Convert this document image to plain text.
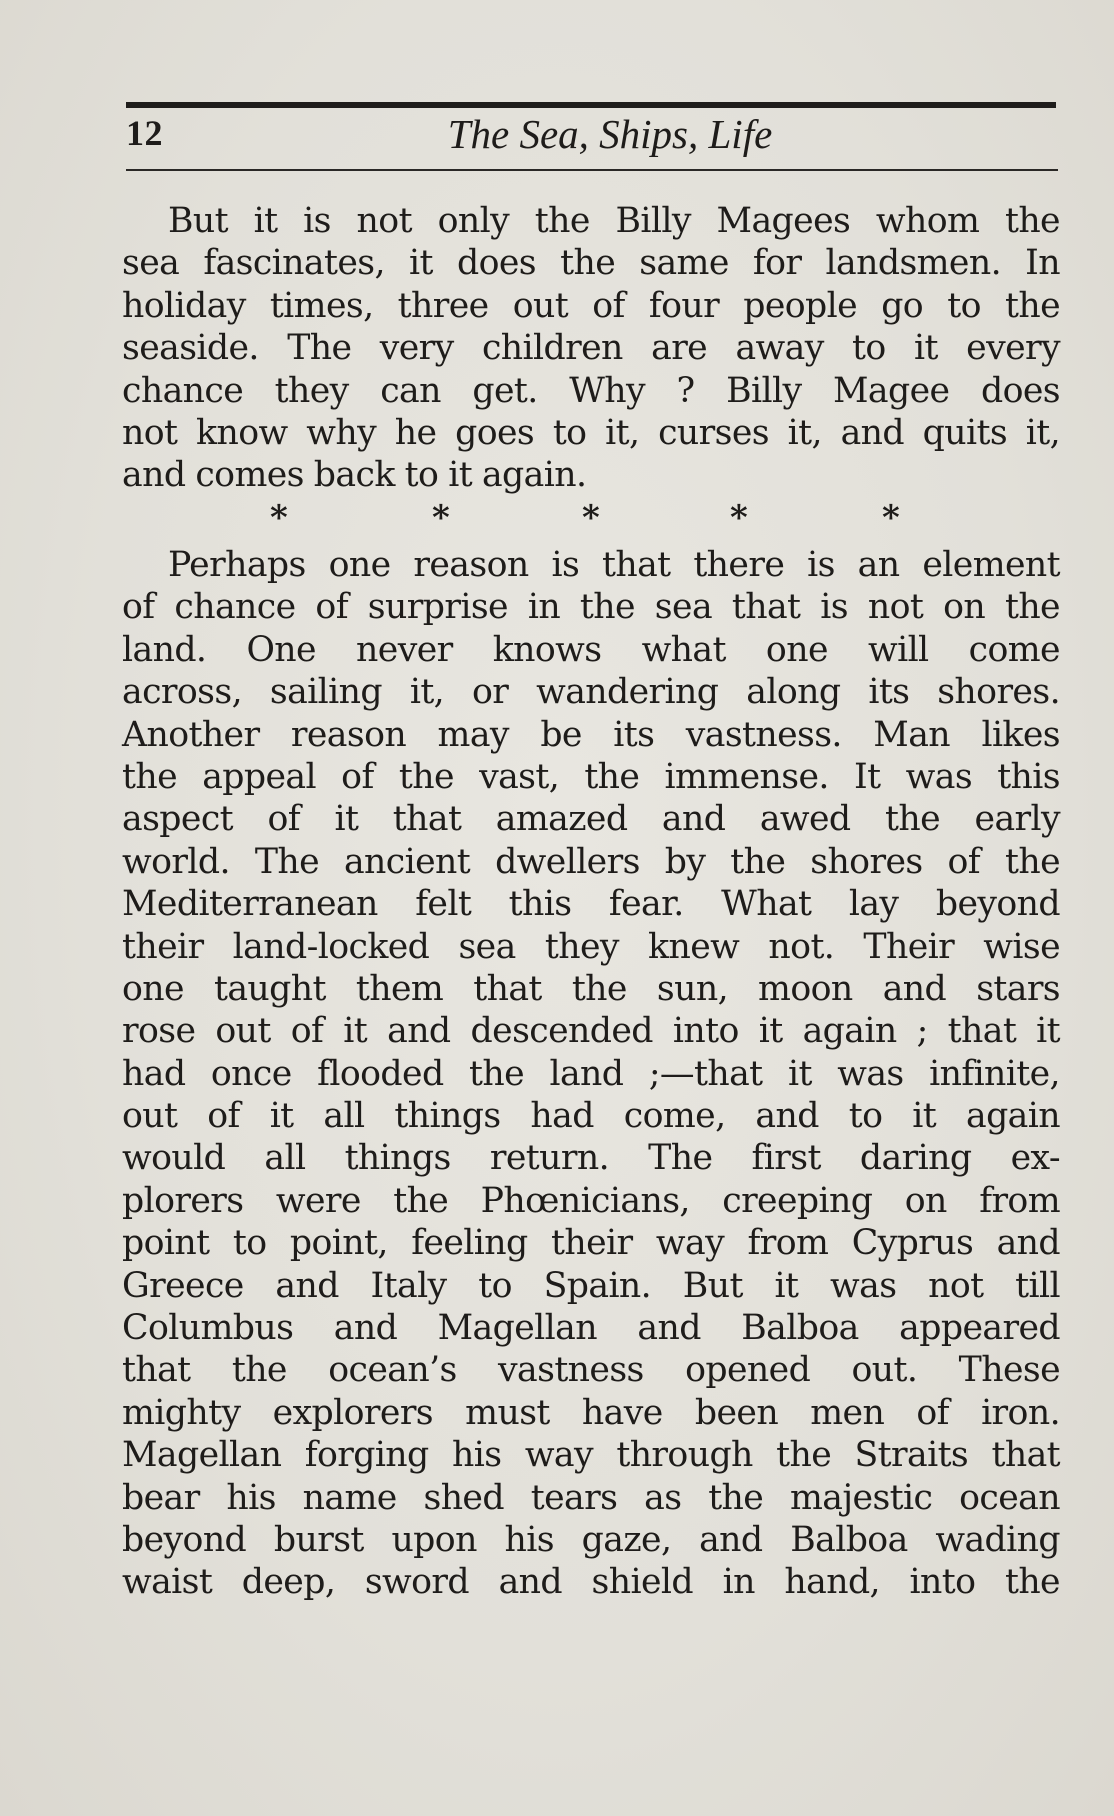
12	The Sea, Ships, Life
But it is not only the Billy Magees whom the
sea fascinates, it does the same for landsmen. In
holiday times, three out of four people go to the
seaside. The very children are away to it every
chance they can get. Why ? Billy Magee does
not know why he goes to it, curses it, and quits it,
and comes back to it again.
*	*	*	*	*
Perhaps one reason is that there is an element
of chance of surprise in the sea that is not on the
land. One never knows what one will come
across, sailing it, or wandering along its shores.
Another reason may be its vastness. Man likes
the appeal of the vast, the immense. It was this
aspect of it that amazed and awed the early
world. The ancient dwellers by the shores of the
Mediterranean felt this fear. What lay beyond
their land-locked sea they knew not. Their wise
one taught them that the sun, moon and stars
rose out of it and descended into it again ; that it
had once flooded the land ;—that it was infinite,
out of it all things had come, and to it again
would all things return. The first daring ex-
plorers were the Phœnicians, creeping on from
point to point, feeling their way from Cyprus and
Greece and Italy to Spain. But it was not till
Columbus and Magellan and Balboa appeared
that the ocean’s vastness opened out. These
mighty explorers must have been men of iron.
Magellan forging his way through the Straits that
bear his name shed tears as the majestic ocean
beyond burst upon his gaze, and Balboa wading
waist deep, sword and shield in hand, into the
